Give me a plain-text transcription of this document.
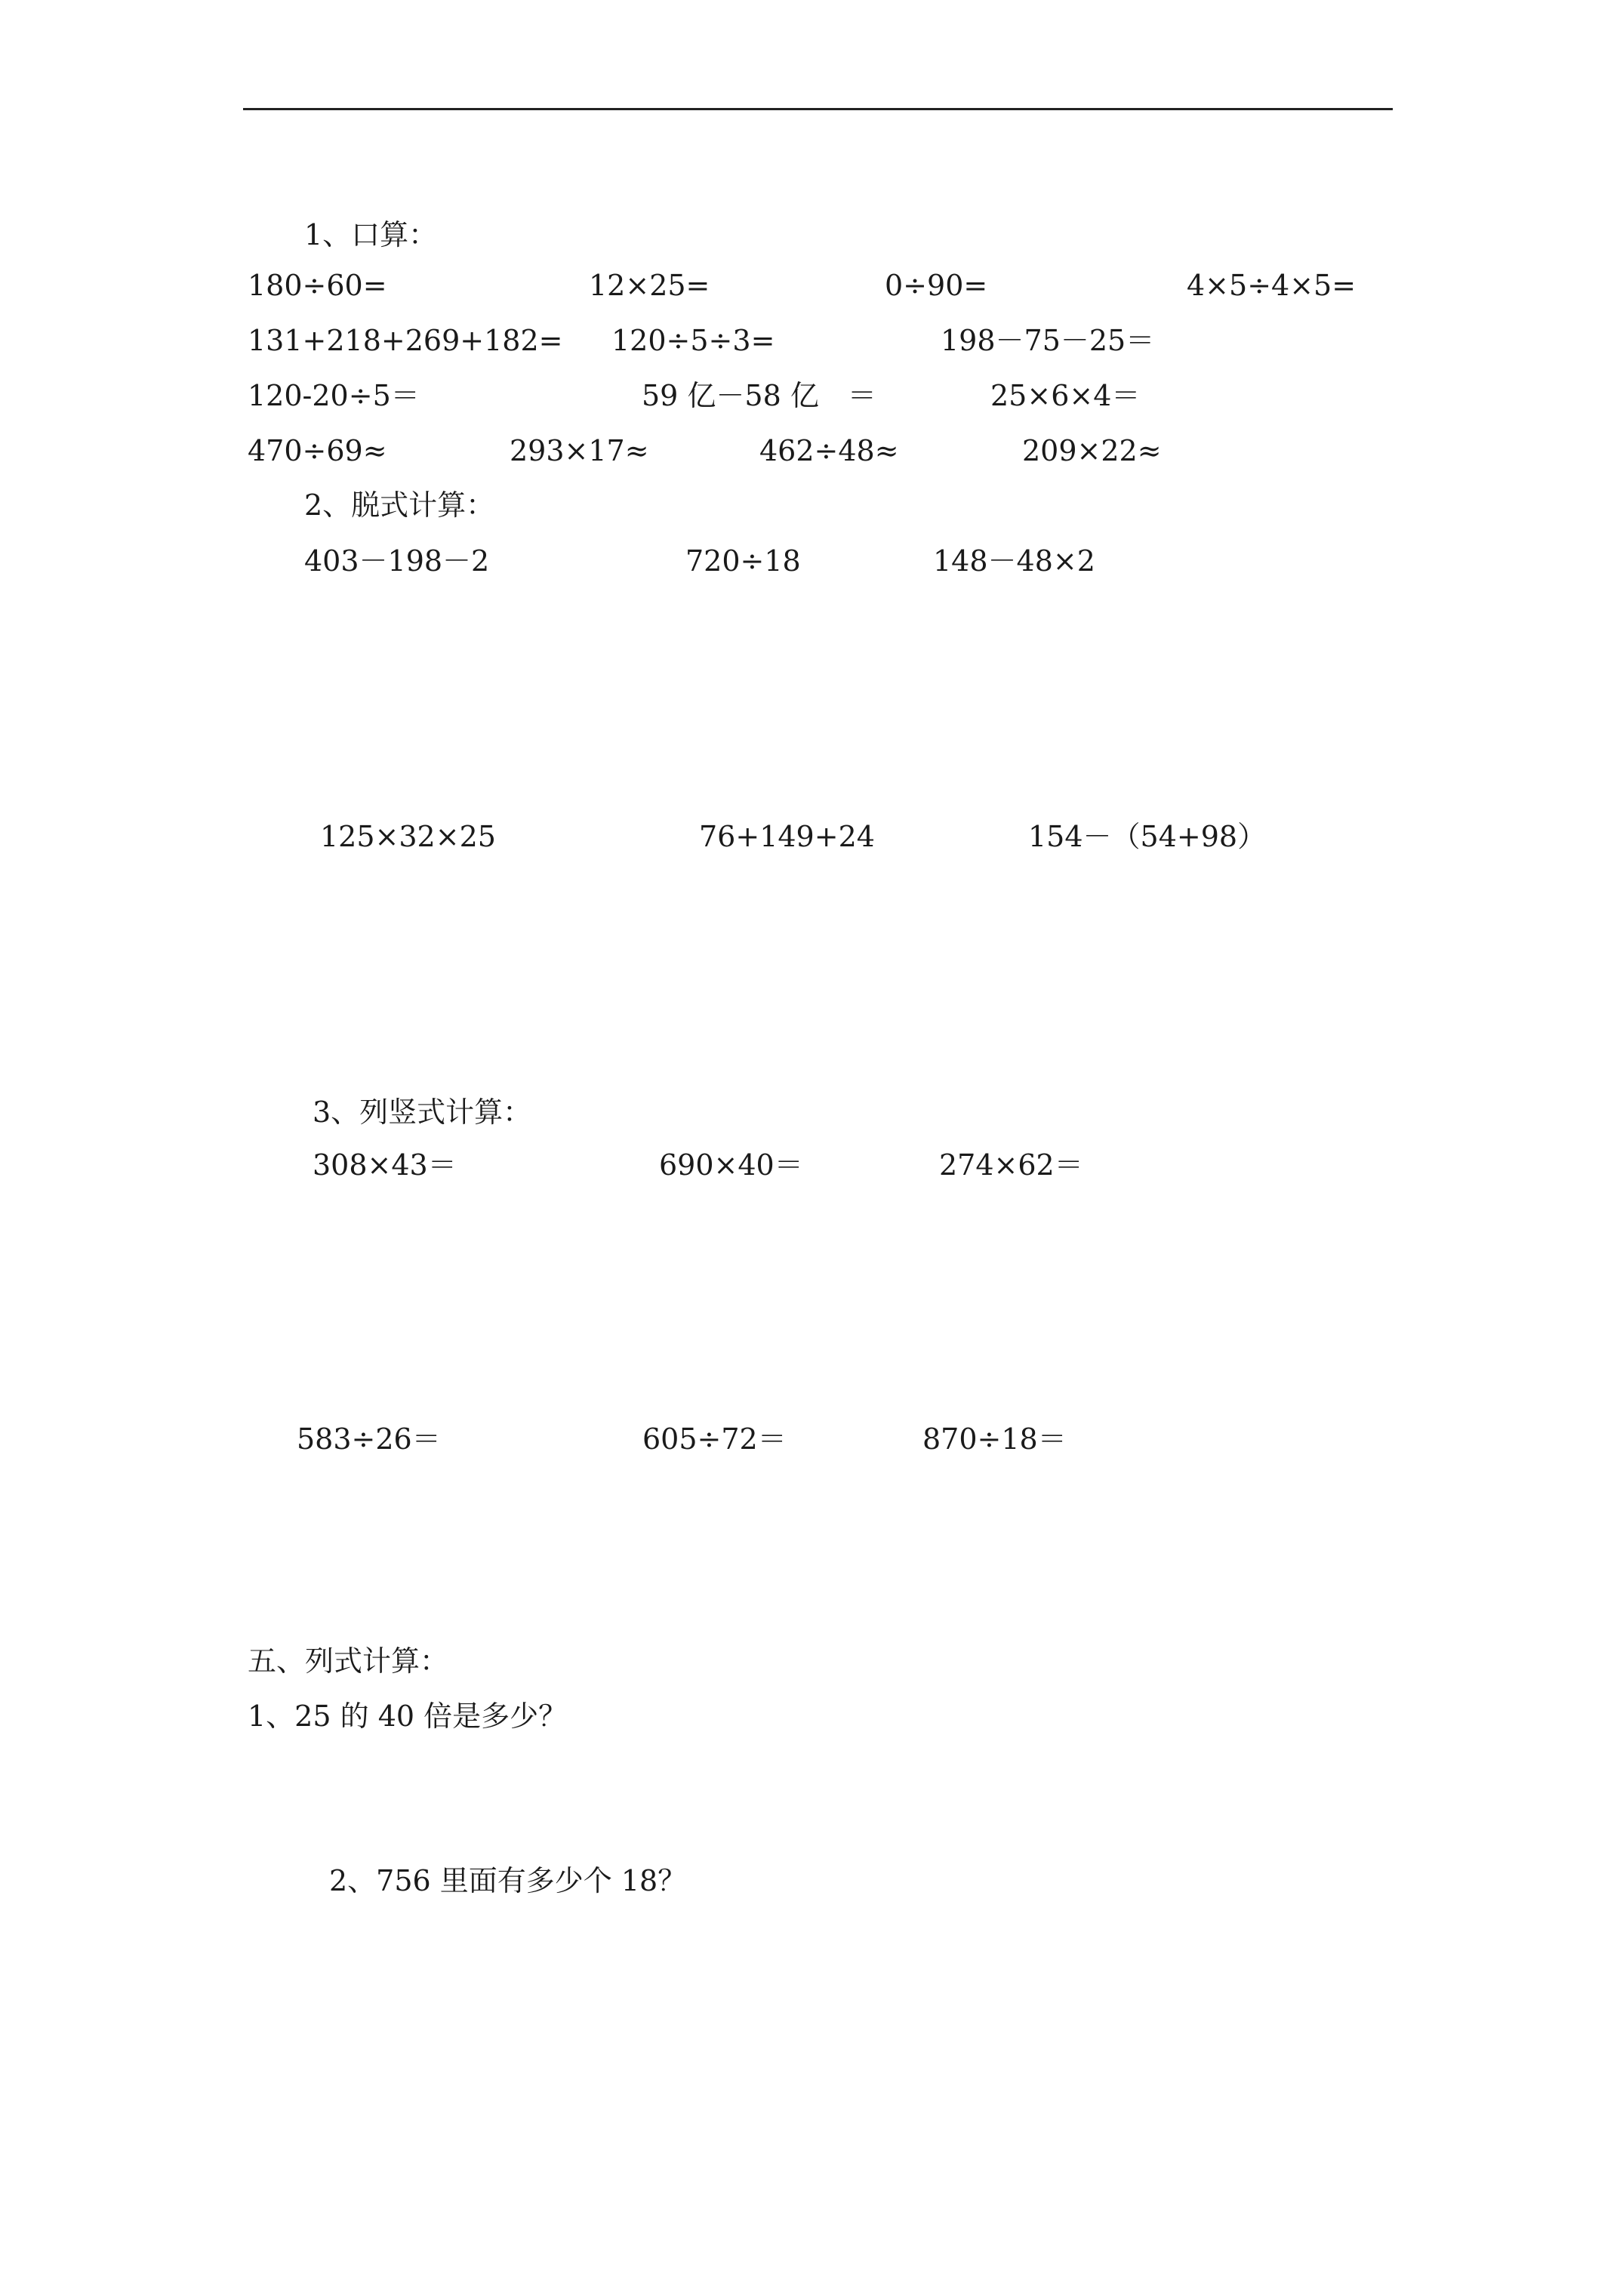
1、口算：
180÷60=	12×25=	0÷90=	4×5÷4×5=
131+218+269+182= 120÷5÷3=	198－75－25＝
120-20÷5＝	59 亿－58 亿　＝	25×6×4＝
470÷69≈	293×17≈	462÷48≈	209×22≈
2、脱式计算：
403－198－2	720÷18	148－48×2
125×32×25	76+149+24	154－（54+98）
3、列竖式计算：
308×43＝	690×40＝	274×62＝
583÷26＝	605÷72＝	870÷18＝
五、列式计算：
1、25 的 40 倍是多少？
2、756 里面有多少个 18？
